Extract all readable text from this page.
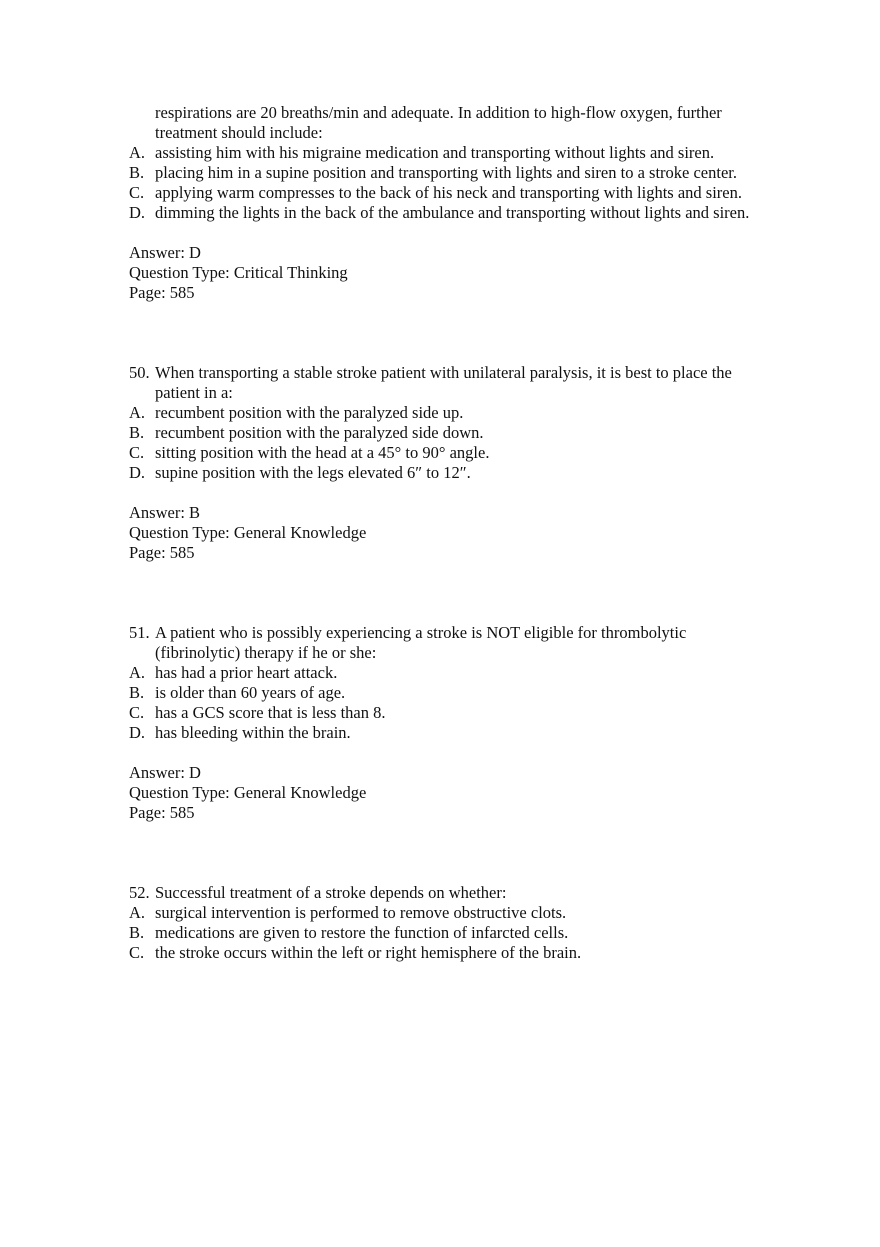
respirations are 20 breaths/min and adequate. In addition to high-flow oxygen, further treatment should include:
A. assisting him with his migraine medication and transporting without lights and siren.
B. placing him in a supine position and transporting with lights and siren to a stroke center.
C. applying warm compresses to the back of his neck and transporting with lights and siren.
D. dimming the lights in the back of the ambulance and transporting without lights and siren.
Answer: D
Question Type: Critical Thinking
Page: 585
50. When transporting a stable stroke patient with unilateral paralysis, it is best to place the patient in a:
A. recumbent position with the paralyzed side up.
B. recumbent position with the paralyzed side down.
C. sitting position with the head at a 45° to 90° angle.
D. supine position with the legs elevated 6″ to 12″.
Answer: B
Question Type: General Knowledge
Page: 585
51. A patient who is possibly experiencing a stroke is NOT eligible for thrombolytic (fibrinolytic) therapy if he or she:
A. has had a prior heart attack.
B. is older than 60 years of age.
C. has a GCS score that is less than 8.
D. has bleeding within the brain.
Answer: D
Question Type: General Knowledge
Page: 585
52. Successful treatment of a stroke depends on whether:
A. surgical intervention is performed to remove obstructive clots.
B. medications are given to restore the function of infarcted cells.
C. the stroke occurs within the left or right hemisphere of the brain.
